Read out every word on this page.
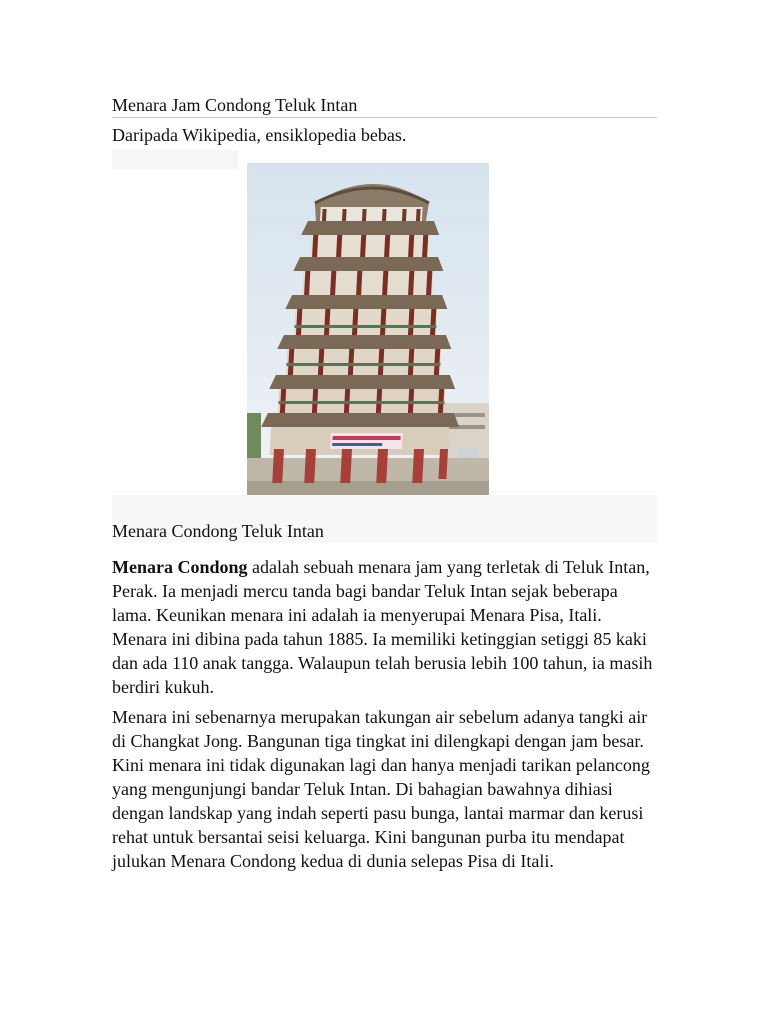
Menara Jam Condong Teluk Intan
Daripada Wikipedia, ensiklopedia bebas.
Menara Condong Teluk Intan

Menara Condong adalah sebuah menara jam yang terletak di Teluk Intan, Perak. Ia menjadi mercu tanda bagi bandar Teluk Intan sejak beberapa lama. Keunikan menara ini adalah ia menyerupai Menara Pisa, Itali. Menara ini dibina pada tahun 1885. Ia memiliki ketinggian setiggi 85 kaki dan ada 110 anak tangga. Walaupun telah berusia lebih 100 tahun, ia masih berdiri kukuh.

Menara ini sebenarnya merupakan takungan air sebelum adanya tangki air di Changkat Jong. Bangunan tiga tingkat ini dilengkapi dengan jam besar. Kini menara ini tidak digunakan lagi dan hanya menjadi tarikan pelancong yang mengunjungi bandar Teluk Intan. Di bahagian bawahnya dihiasi dengan landskap yang indah seperti pasu bunga, lantai marmar dan kerusi rehat untuk bersantai seisi keluarga. Kini bangunan purba itu mendapat julukan Menara Condong kedua di dunia selepas Pisa di Itali.
